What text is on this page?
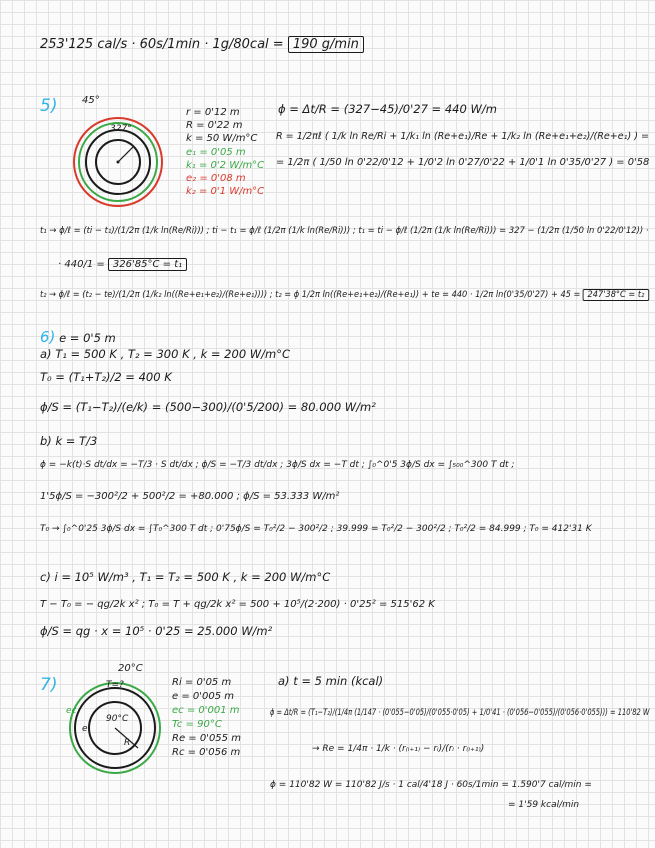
253'125 cal/s · 60s/1min · 1g/80cal = 190 g/min
5) 45°
327°
r = 0'12 m
R = 0'22 m
k = 50 W/m°C
e₁ = 0'05 m
k₁ = 0'2 W/m°C
e₂ = 0'08 m
k₂ = 0'1 W/m°C
ϕ = Δt/R = (327−45)/0'27 = 440 W/m
R = 1/2πℓ ( 1/k ln Re/Ri + 1/k₁ ln (Re+e₁)/Re + 1/k₂ ln (Re+e₁+e₂)/(Re+e₁) ) =
= 1/2π ( 1/50 ln 0'22/0'12 + 1/0'2 ln 0'27/0'22 + 1/0'1 ln 0'35/0'27 ) = 0'58
t₁ → ϕ/ℓ = (ti − t₁)/(1/2π (1/k ln(Re/Ri))) ; ti − t₁ = ϕ/ℓ (1/2π (1/k ln(Re/Ri))) ; t₁ = ti − ϕ/ℓ (1/2π (1/k ln(Re/Ri))) = 327 − (1/2π (1/50 ln 0'22/0'12)) ·
· 440/1 = 326'85°C = t₁
t₂ → ϕ/ℓ = (t₂ − te)/(1/2π (1/k₂ ln((Re+e₁+e₂)/(Re+e₁)))) ; t₂ = ϕ 1/2π ln((Re+e₁+e₂)/(Re+e₁)) + te = 440 · 1/2π ln(0'35/0'27) + 45 = 247'38°C = t₂
6) e = 0'5 m
a) T₁ = 500 K , T₂ = 300 K , k = 200 W/m°C
T₀ = (T₁+T₂)/2 = 400 K
ϕ/S = (T₁−T₂)/(e/k) = (500−300)/(0'5/200) = 80.000 W/m²
b) k = T/3
ϕ = −k(t)·S dt/dx = −T/3 · S dt/dx ; ϕ/S = −T/3 dt/dx ; 3ϕ/S dx = −T dt ; ∫₀^0'5 3ϕ/S dx = ∫₅₀₀^300 T dt ;
1'5ϕ/S = −300²/2 + 500²/2 = +80.000 ; ϕ/S = 53.333 W/m²
T₀ → ∫₀^0'25 3ϕ/S dx = ∫T₀^300 T dt ; 0'75ϕ/S = T₀²/2 − 300²/2 ; 39.999 = T₀²/2 − 300²/2 ; T₀²/2 = 84.999 ; T₀ = 412'31 K
c) i = 10⁵ W/m³ , T₁ = T₂ = 500 K , k = 200 W/m°C
T − T₀ = − qg/2k x² ; T₀ = T + qg/2k x² = 500 + 10⁵/(2·200) · 0'25² = 515'62 K
ϕ/S = qg · x = 10⁵ · 0'25 = 25.000 W/m²
7)
20°C
T=?
90°C
R
e
ec
Ri = 0'05 m
e = 0'005 m
ec = 0'001 m
Tc = 90°C
Re = 0'055 m
Rc = 0'056 m
a) t = 5 min (kcal)
ϕ = Δt/R = (T₁−T₂)/(1/4π (1/147 · (0'055−0'05)/(0'055·0'05) + 1/0'41 · (0'056−0'055)/(0'056·0'055))) = 110'82 W
→ Re = 1/4π · 1/k · (r₍ᵢ₊₁₎ − rᵢ)/(rᵢ · r₍ᵢ₊₁₎)
ϕ = 110'82 W = 110'82 J/s · 1 cal/4'18 J · 60s/1min = 1.590'7 cal/min =
= 1'59 kcal/min
